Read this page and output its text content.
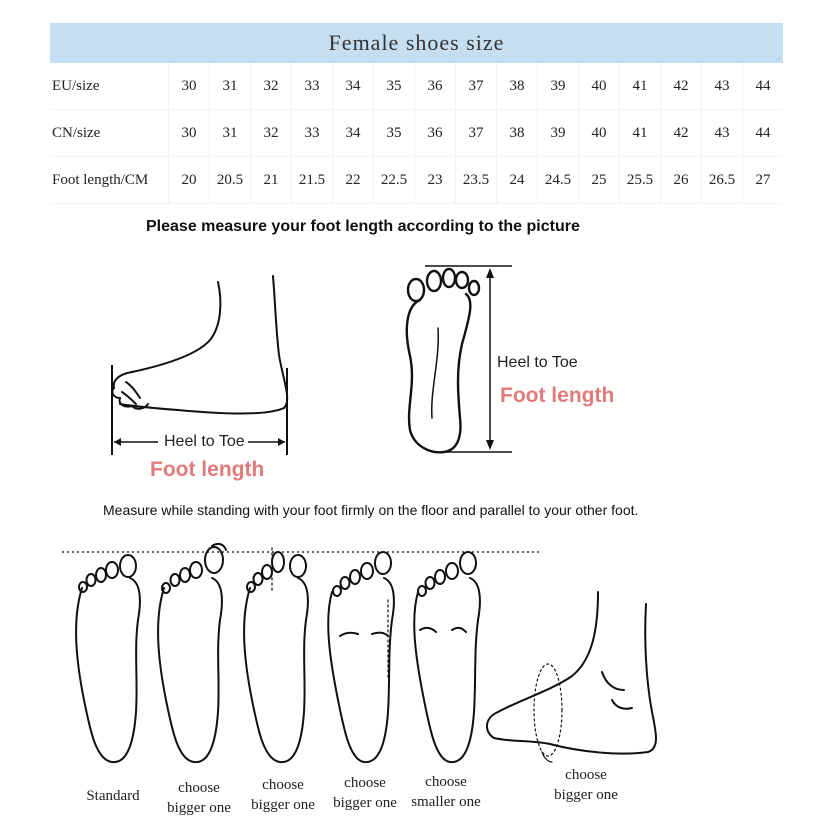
Female shoes size
EU/size	30	31	32	33	34	35	36	37	38	39	40	41	42	43	44
CN/size	30	31	32	33	34	35	36	37	38	39	40	41	42	43	44
Foot length/CM	20	20.5	21	21.5	22	22.5	23	23.5	24	24.5	25	25.5	26	26.5	27
Please measure your foot length according to the picture
Heel to Toe
Foot length
Heel to Toe
Foot length
Measure while standing with your foot firmly on the floor and parallel to your other foot.
Standard	choose
bigger one
choose
bigger one
choose
bigger one
choose
smaller one
choose
bigger one
